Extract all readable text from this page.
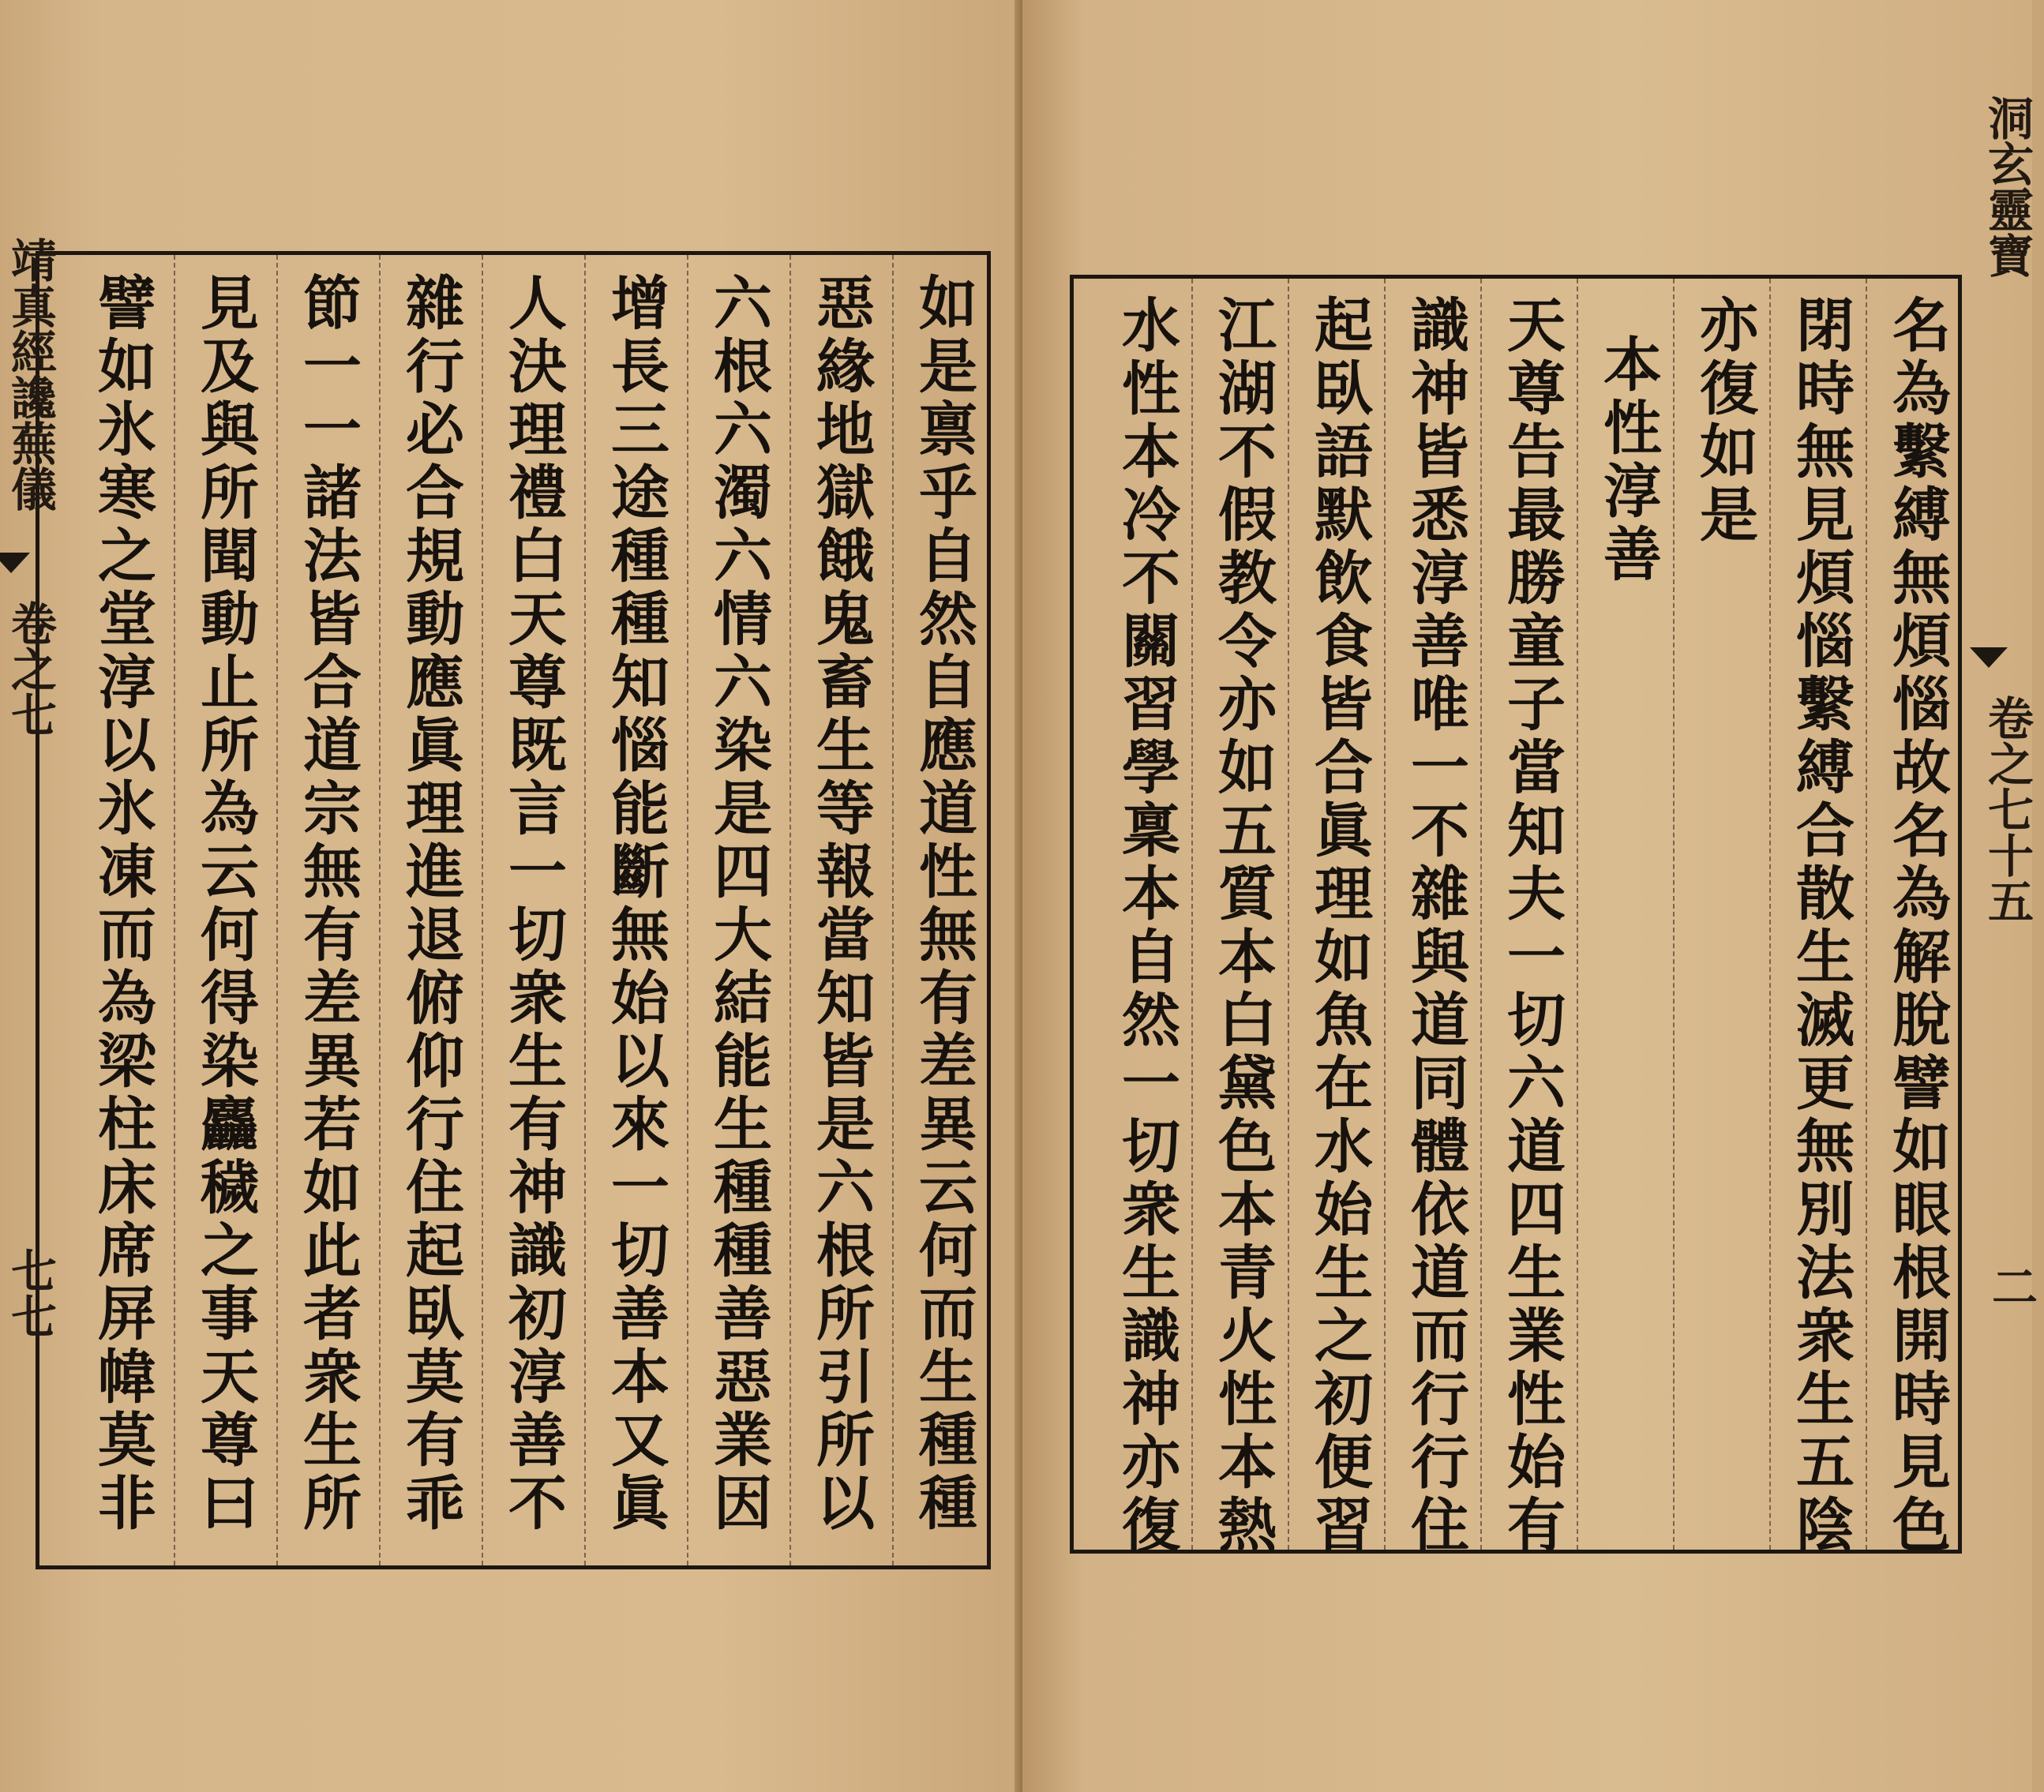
如是禀乎自然自應道性無有差異云何而生種種
惡緣地獄餓鬼畜生等報當知皆是六根所引所以
六根六濁六情六染是四大結能生種種善惡業因
增長三途種種知惱能斷無始以來一切善本又眞
人決理禮白天尊既言一切衆生有神識初淳善不
雜行必合規動應眞理進退俯仰行住起臥莫有乖
節一一諸法皆合道宗無有差異若如此者衆生所
見及與所聞動止所為云何得染麤穢之事天尊曰
譬如氷寒之堂淳以氷凍而為梁柱床席屏幃莫非
靖真經讒蕪儀
卷之七
七七	名為繫縛無煩惱故名為解脫譬如眼根開時見色
閉時無見煩惱繫縛合散生滅更無別法衆生五陰
亦復如是
本性淳善
天尊告最勝童子當知夫一切六道四生業性始有
識神皆悉淳善唯一不雜與道同體依道而行行住
起臥語默飲食皆合眞理如魚在水始生之初便習
江湖不假教令亦如五質本白黛色本青火性本熱
水性本冷不關習學稟本自然一切衆生識神亦復
洞玄靈寶
卷之七十五
二
